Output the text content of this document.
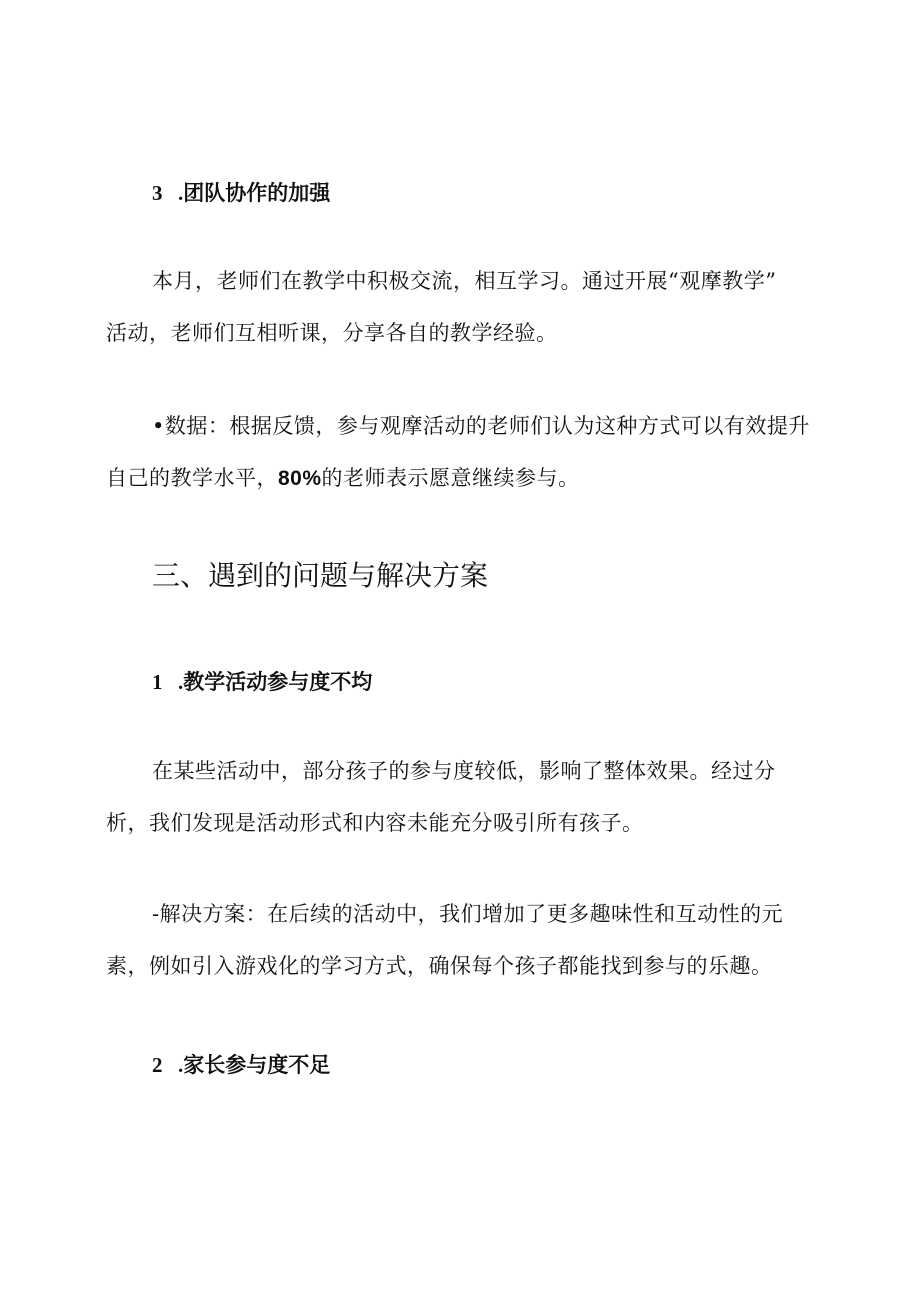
3 .团队协作的加强
本月，老师们在教学中积极交流，相互学习。通过开展“观摩教学”
活动，老师们互相听课，分享各自的教学经验。
•数据：根据反馈，参与观摩活动的老师们认为这种方式可以有效提升
自己的教学水平，80%的老师表示愿意继续参与。
三、遇到的问题与解决方案
1 .教学活动参与度不均
在某些活动中，部分孩子的参与度较低，影响了整体效果。经过分
析，我们发现是活动形式和内容未能充分吸引所有孩子。
-解决方案：在后续的活动中，我们增加了更多趣味性和互动性的元
素，例如引入游戏化的学习方式，确保每个孩子都能找到参与的乐趣。
2 .家长参与度不足
